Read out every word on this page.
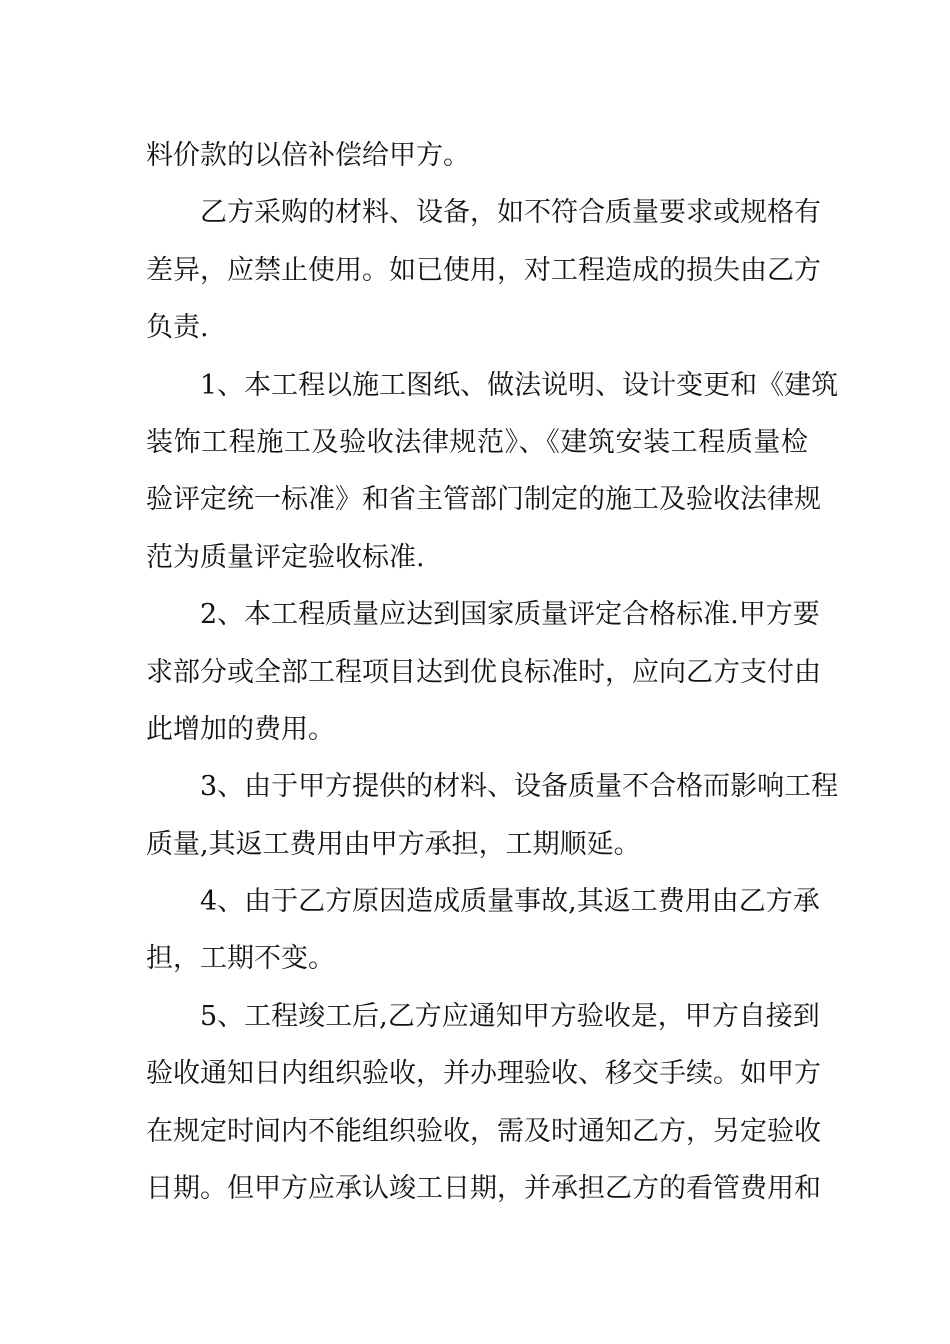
料价款的以倍补偿给甲方。
乙方采购的材料、设备，如不符合质量要求或规格有
差异，应禁止使用。如已使用，对工程造成的损失由乙方
负责.
1、本工程以施工图纸、做法说明、设计变更和《建筑
装饰工程施工及验收法律规范》、《建筑安装工程质量检
验评定统一标准》和省主管部门制定的施工及验收法律规
范为质量评定验收标准.
2、本工程质量应达到国家质量评定合格标准.甲方要
求部分或全部工程项目达到优良标准时，应向乙方支付由
此增加的费用。
3、由于甲方提供的材料、设备质量不合格而影响工程
质量,其返工费用由甲方承担，工期顺延。
4、由于乙方原因造成质量事故,其返工费用由乙方承
担，工期不变。
5、工程竣工后,乙方应通知甲方验收是，甲方自接到
验收通知日内组织验收，并办理验收、移交手续。如甲方
在规定时间内不能组织验收，需及时通知乙方，另定验收
日期。但甲方应承认竣工日期，并承担乙方的看管费用和
